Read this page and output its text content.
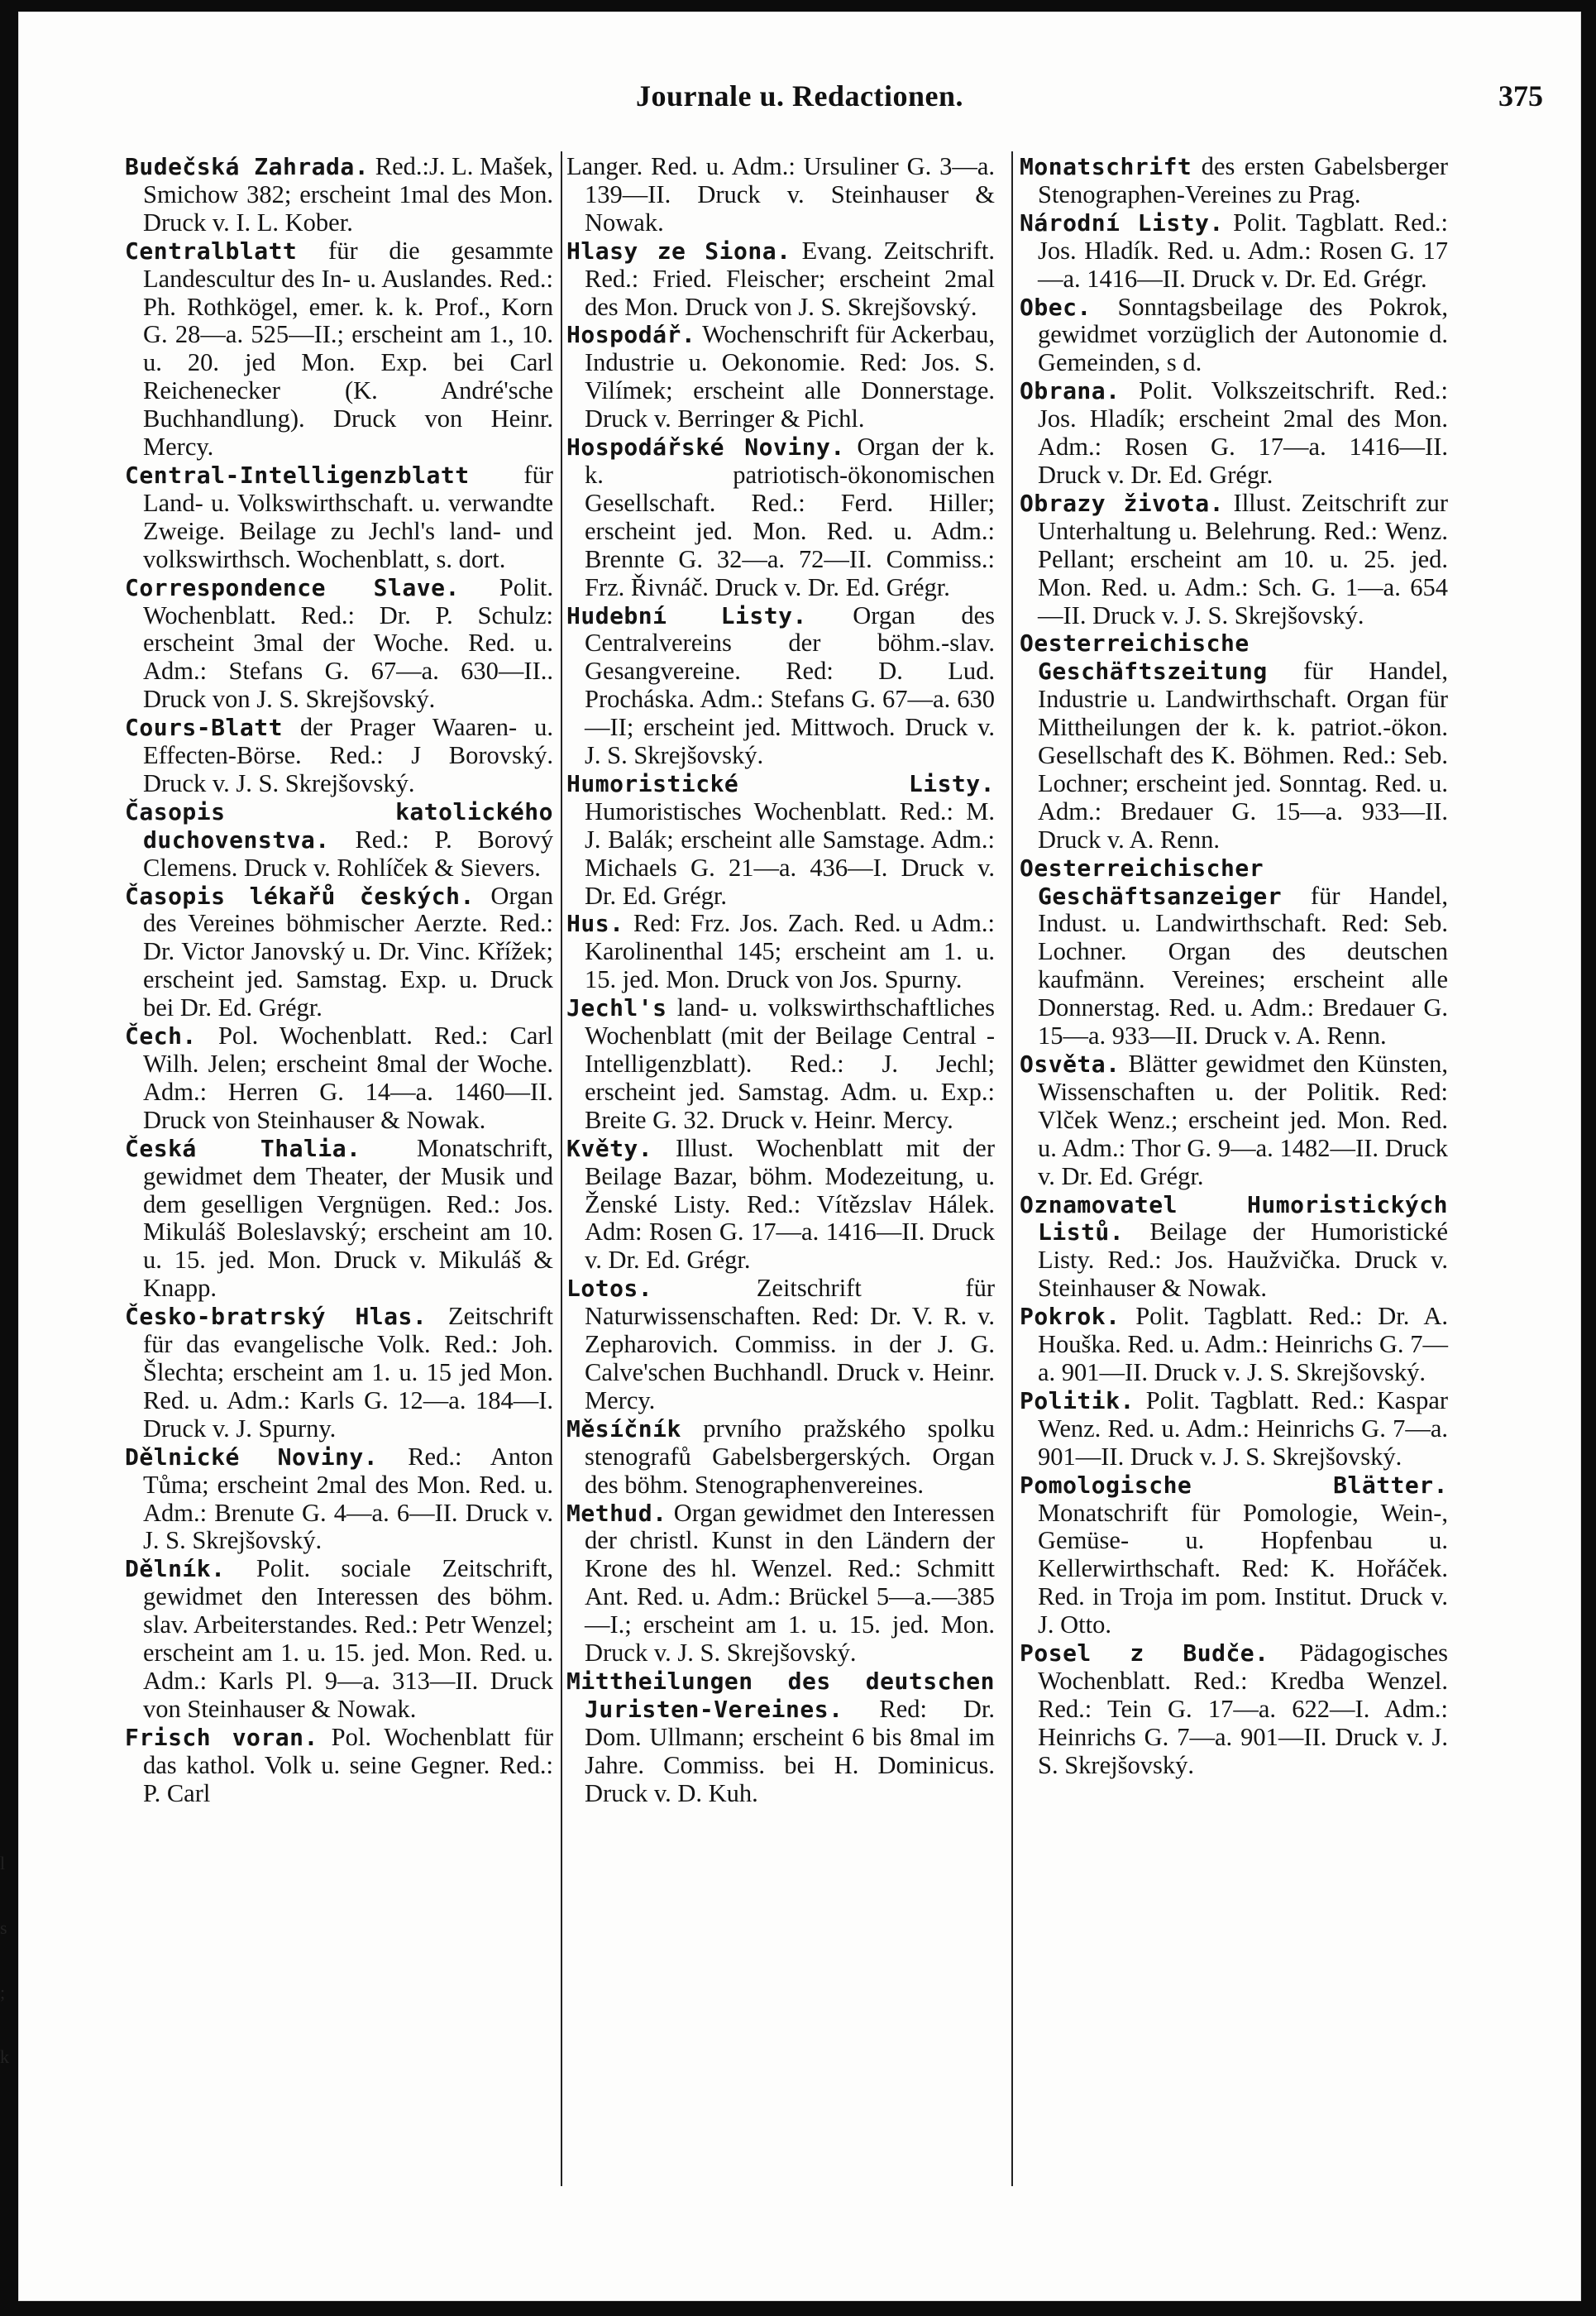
Journale u. Redactionen.	375

Budečská Zahrada. Red.:J. L. Mašek, Smichow 382; erscheint 1mal des Mon. Druck v. I. L. Kober.

Centralblatt für die gesammte Landescultur des In- u. Auslandes. Red.: Ph. Rothkögel, emer. k. k. Prof., Korn G. 28—a. 525—II.; erscheint am 1., 10. u. 20. jed Mon. Exp. bei Carl Reichenecker (K. André'sche Buchhandlung). Druck von Heinr. Mercy.

Central-Intelligenzblatt für Land- u. Volkswirthschaft. u. verwandte Zweige. Beilage zu Jechl's land- und volkswirthsch. Wochenblatt, s. dort.

Correspondence Slave. Polit. Wochenblatt. Red.: Dr. P. Schulz: erscheint 3mal der Woche. Red. u. Adm.: Stefans G. 67—a. 630—II.. Druck von J. S. Skrejšovský.

Cours-Blatt der Prager Waaren- u. Effecten-Börse. Red.: J Borovský. Druck v. J. S. Skrejšovský.

Časopis katolického duchovenstva. Red.: P. Borový Clemens. Druck v. Rohlíček & Sievers.

Časopis lékařů českých. Organ des Vereines böhmischer Aerzte. Red.: Dr. Victor Janovský u. Dr. Vinc. Křížek; erscheint jed. Samstag. Exp. u. Druck bei Dr. Ed. Grégr.

Čech. Pol. Wochenblatt. Red.: Carl Wilh. Jelen; erscheint 8mal der Woche. Adm.: Herren G. 14—a. 1460—II. Druck von Steinhauser & Nowak.

Česká Thalia. Monatschrift, gewidmet dem Theater, der Musik und dem geselligen Vergnügen. Red.: Jos. Mikuláš Boleslavský; erscheint am 10. u. 15. jed. Mon. Druck v. Mikuláš & Knapp.

Česko-bratrský Hlas. Zeitschrift für das evangelische Volk. Red.: Joh. Šlechta; erscheint am 1. u. 15 jed Mon. Red. u. Adm.: Karls G. 12—a. 184—I. Druck v. J. Spurny.

Dělnické Noviny. Red.: Anton Tůma; erscheint 2mal des Mon. Red. u. Adm.: Brenute G. 4—a. 6—II. Druck v. J. S. Skrejšovský.

Dělník. Polit. sociale Zeitschrift, gewidmet den Interessen des böhm. slav. Arbeiterstandes. Red.: Petr Wenzel; erscheint am 1. u. 15. jed. Mon. Red. u. Adm.: Karls Pl. 9—a. 313—II. Druck von Steinhauser & Nowak.

Frisch voran. Pol. Wochenblatt für das kathol. Volk u. seine Gegner. Red.: P. Carl

Langer. Red. u. Adm.: Ursuliner G. 3—a. 139—II. Druck v. Steinhauser & Nowak.

Hlasy ze Siona. Evang. Zeitschrift. Red.: Fried. Fleischer; erscheint 2mal des Mon. Druck von J. S. Skrejšovský.

Hospodář. Wochenschrift für Ackerbau, Industrie u. Oekonomie. Red: Jos. S. Vilímek; erscheint alle Donnerstage. Druck v. Berringer & Pichl.

Hospodářské Noviny. Organ der k. k. patriotisch-ökonomischen Gesellschaft. Red.: Ferd. Hiller; erscheint jed. Mon. Red. u. Adm.: Brennte G. 32—a. 72—II. Commiss.: Frz. Řivnáč. Druck v. Dr. Ed. Grégr.

Hudební Listy. Organ des Centralvereins der böhm.-slav. Gesangvereine. Red: D. Lud. Procháska. Adm.: Stefans G. 67—a. 630—II; erscheint jed. Mittwoch. Druck v. J. S. Skrejšovský.

Humoristické Listy. Humoristisches Wochenblatt. Red.: M. J. Balák; erscheint alle Samstage. Adm.: Michaels G. 21—a. 436—I. Druck v. Dr. Ed. Grégr.

Hus. Red: Frz. Jos. Zach. Red. u Adm.: Karolinenthal 145; erscheint am 1. u. 15. jed. Mon. Druck von Jos. Spurny.

Jechl's land- u. volkswirthschaftliches Wochenblatt (mit der Beilage Central - Intelligenzblatt). Red.: J. Jechl; erscheint jed. Samstag. Adm. u. Exp.: Breite G. 32. Druck v. Heinr. Mercy.

Květy. Illust. Wochenblatt mit der Beilage Bazar, böhm. Modezeitung, u. Ženské Listy. Red.: Vítězslav Hálek. Adm: Rosen G. 17—a. 1416—II. Druck v. Dr. Ed. Grégr.

Lotos.	Zeitschrift für Naturwissenschaften. Red: Dr. V. R. v. Zepharovich. Commiss. in der J. G. Calve'schen Buchhandl. Druck v. Heinr. Mercy.

Měsíčník prvního pražského spolku stenografů Gabelsbergerských. Organ des böhm. Stenographenvereines.

Methud. Organ gewidmet den Interessen der christl. Kunst in den Ländern der Krone des hl. Wenzel. Red.: Schmitt Ant. Red. u. Adm.: Brückel 5—a.—385—I.; erscheint am 1. u. 15. jed. Mon. Druck v. J. S. Skrejšovský.

Mittheilungen des deutschen Juristen-Vereines. Red: Dr. Dom. Ullmann; erscheint 6 bis 8mal im Jahre. Commiss. bei H. Dominicus. Druck v. D. Kuh.

Monatschrift des ersten Gabelsberger Stenographen-Vereines zu Prag.

Národní Listy. Polit. Tagblatt. Red.: Jos. Hladík. Red. u. Adm.: Rosen G. 17—a. 1416—II. Druck v. Dr. Ed. Grégr.

Obec. Sonntagsbeilage des Pokrok, gewidmet vorzüglich der Autonomie d. Gemeinden, s d.

Obrana. Polit. Volkszeitschrift. Red.: Jos. Hladík; erscheint 2mal des Mon. Adm.: Rosen G. 17—a. 1416—II. Druck v. Dr. Ed. Grégr.

Obrazy života. Illust. Zeitschrift zur Unterhaltung u. Belehrung. Red.: Wenz. Pellant; erscheint am 10. u. 25. jed. Mon. Red. u. Adm.: Sch. G. 1—a. 654—II. Druck v. J. S. Skrejšovský.

Oesterreichische Geschäftszeitung für Handel, Industrie u. Landwirthschaft. Organ für Mittheilungen der k. k. patriot.-ökon. Gesellschaft des K. Böhmen. Red.: Seb. Lochner; erscheint jed. Sonntag. Red. u. Adm.: Bredauer G. 15—a. 933—II. Druck v. A. Renn.

Oesterreichischer Geschäftsanzeiger für Handel, Indust. u. Landwirthschaft. Red: Seb. Lochner. Organ des deutschen kaufmänn. Vereines; erscheint alle Donnerstag. Red. u. Adm.: Bredauer G. 15—a. 933—II. Druck v. A. Renn.

Osvěta. Blätter gewidmet den Künsten, Wissenschaften u. der Politik. Red: Vlček Wenz.; erscheint jed. Mon. Red. u. Adm.: Thor G. 9—a. 1482—II. Druck v. Dr. Ed. Grégr.

Oznamovatel Humoristických Listů. Beilage der Humoristické Listy. Red.: Jos. Haužvička. Druck v. Steinhauser & Nowak.

Pokrok. Polit. Tagblatt. Red.: Dr. A. Houška. Red. u. Adm.: Heinrichs G. 7—a. 901—II. Druck v. J. S. Skrejšovský.

Politik. Polit. Tagblatt. Red.: Kaspar Wenz. Red. u. Adm.: Heinrichs G. 7—a. 901—II. Druck v. J. S. Skrejšovský.

Pomologische Blätter. Monatschrift für Pomologie, Wein-, Gemüse- u. Hopfenbau u. Kellerwirthschaft. Red: K. Hořáček. Red. in Troja im pom. Institut. Druck v. J. Otto.

Posel z Budče. Pädagogisches Wochenblatt. Red.: Kredba Wenzel. Red.: Tein G. 17—a. 622—I. Adm.: Heinrichs G. 7—a. 901—II. Druck v. J. S. Skrejšovský.

l
s
;
k
